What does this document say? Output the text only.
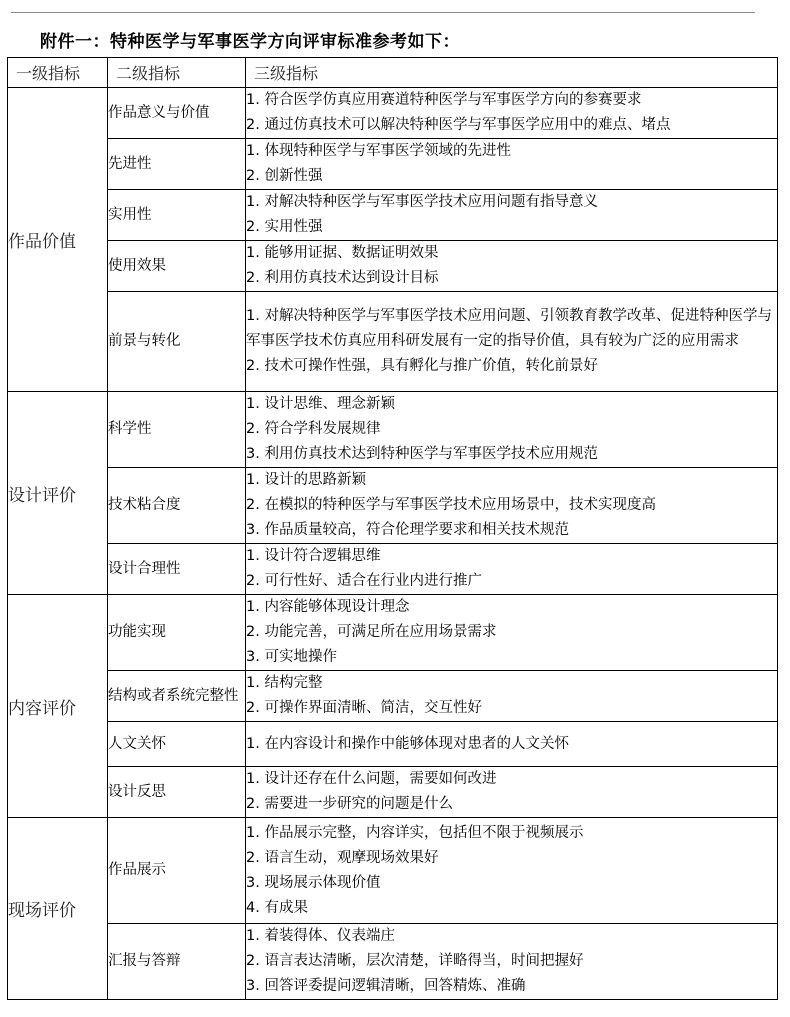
附件一：特种医学与军事医学方向评审标准参考如下：
一级指标	二级指标	三级指标

作品价值	作品意义与价值	1. 符合医学仿真应用赛道特种医学与军事医学方向的参赛要求
2. 通过仿真技术可以解决特种医学与军事医学应用中的难点、堵点

	先进性	1. 体现特种医学与军事医学领域的先进性
2. 创新性强

	实用性	1. 对解决特种医学与军事医学技术应用问题有指导意义
2. 实用性强

	使用效果	1. 能够用证据、数据证明效果
2. 利用仿真技术达到设计目标

	前景与转化	1. 对解决特种医学与军事医学技术应用问题、引领教育教学改革、促进特种医学与军事医学技术仿真应用科研发展有一定的指导价值，具有较为广泛的应用需求
2. 技术可操作性强，具有孵化与推广价值，转化前景好

设计评价	科学性	1. 设计思维、理念新颖
2. 符合学科发展规律
3. 利用仿真技术达到特种医学与军事医学技术应用规范

	技术粘合度	1. 设计的思路新颖
2. 在模拟的特种医学与军事医学技术应用场景中，技术实现度高
3. 作品质量较高，符合伦理学要求和相关技术规范

	设计合理性	1. 设计符合逻辑思维
2. 可行性好、适合在行业内进行推广

内容评价	功能实现	1. 内容能够体现设计理念
2. 功能完善，可满足所在应用场景需求
3. 可实地操作

	结构或者系统完整性	1. 结构完整
2. 可操作界面清晰、简洁，交互性好

	人文关怀	1. 在内容设计和操作中能够体现对患者的人文关怀

	设计反思	1. 设计还存在什么问题，需要如何改进
2. 需要进一步研究的问题是什么

现场评价	作品展示	1. 作品展示完整，内容详实，包括但不限于视频展示
2. 语言生动，观摩现场效果好
3. 现场展示体现价值
4. 有成果

	汇报与答辩	1. 着装得体、仪表端庄
2. 语言表达清晰，层次清楚，详略得当，时间把握好
3. 回答评委提问逻辑清晰，回答精炼、准确
